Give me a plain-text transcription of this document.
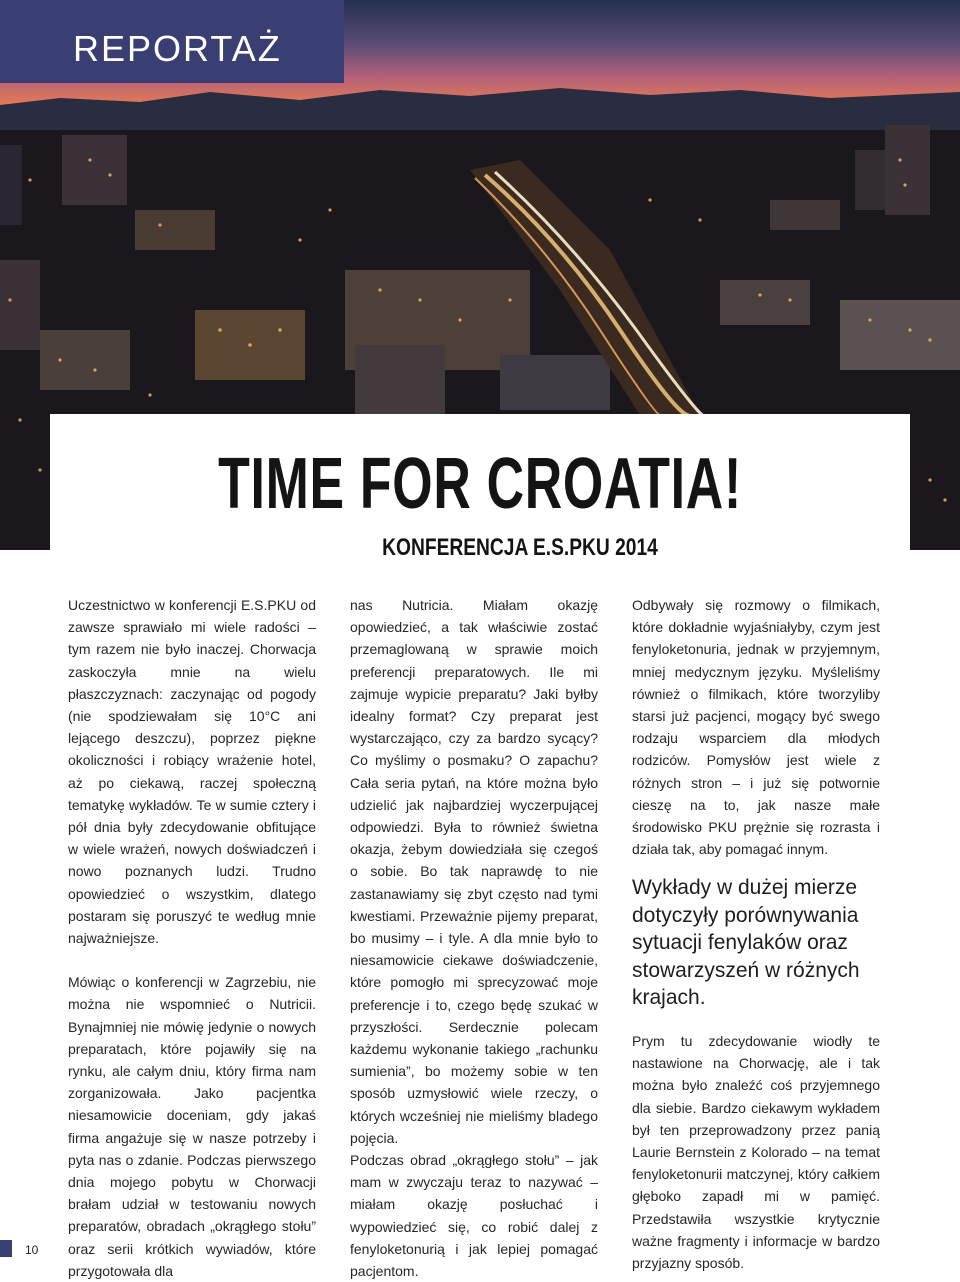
REPORTAŻ
TIME FOR CROATIA!
KONFERENCJA E.S.PKU 2014

Uczestnictwo w konferencji E.S.PKU od zawsze sprawiało mi wiele radości – tym razem nie było inaczej. Chorwacja zaskoczyła mnie na wielu płaszczyznach: zaczynając od pogody (nie spodziewałam się 10°C ani lejącego deszczu), poprzez piękne okoliczności i robiący wrażenie hotel, aż po ciekawą, raczej społeczną tematykę wykładów. Te w sumie cztery i pół dnia były zdecydowanie obfitujące w wiele wrażeń, nowych doświadczeń i nowo poznanych ludzi. Trudno opowiedzieć o wszystkim, dlatego postaram się poruszyć te według mnie najważniejsze.

Mówiąc o konferencji w Zagrzebiu, nie można nie wspomnieć o Nutricii. Bynajmniej nie mówię jedynie o nowych preparatach, które pojawiły się na rynku, ale całym dniu, który firma nam zorganizowała. Jako pacjentka niesamowicie doceniam, gdy jakaś firma angażuje się w nasze potrzeby i pyta nas o zdanie. Podczas pierwszego dnia mojego pobytu w Chorwacji brałam udział w testowaniu nowych preparatów, obradach „okrągłego stołu” oraz serii krótkich wywiadów, które przygotowała dla

nas Nutricia. Miałam okazję opowiedzieć, a tak właściwie zostać przemaglowaną w sprawie moich preferencji preparatowych. Ile mi zajmuje wypicie preparatu? Jaki byłby idealny format? Czy preparat jest wystarczająco, czy za bardzo sycący? Co myślimy o posmaku? O zapachu? Cała seria pytań, na które można było udzielić jak najbardziej wyczerpującej odpowiedzi. Była to również świetna okazja, żebym dowiedziała się czegoś o sobie. Bo tak naprawdę to nie zastanawiamy się zbyt często nad tymi kwestiami. Przeważnie pijemy preparat, bo musimy – i tyle. A dla mnie było to niesamowicie ciekawe doświadczenie, które pomogło mi sprecyzować moje preferencje i to, czego będę szukać w przyszłości. Serdecznie polecam każdemu wykonanie takiego „rachunku sumienia”, bo możemy sobie w ten sposób uzmysłowić wiele rzeczy, o których wcześniej nie mieliśmy bladego pojęcia.

Podczas obrad „okrągłego stołu” – jak mam w zwyczaju teraz to nazywać – miałam okazję posłuchać i wypowiedzieć się, co robić dalej z fenyloketonurią i jak lepiej pomagać pacjentom.

Odbywały się rozmowy o filmikach, które dokładnie wyjaśniałyby, czym jest fenyloketonuria, jednak w przyjemnym, mniej medycznym języku. Myśleliśmy również o filmikach, które tworzyliby starsi już pacjenci, mogący być swego rodzaju wsparciem dla młodych rodziców. Pomysłów jest wiele z różnych stron – i już się potwornie cieszę na to, jak nasze małe środowisko PKU prężnie się rozrasta i działa tak, aby pomagać innym.

Wykłady w dużej mierze dotyczyły porównywania sytuacji fenylaków oraz stowarzyszeń w różnych krajach.

Prym tu zdecydowanie wiodły te nastawione na Chorwację, ale i tak można było znaleźć coś przyjemnego dla siebie. Bardzo ciekawym wykładem był ten przeprowadzony przez panią Laurie Bernstein z Kolorado – na temat fenyloketonurii matczynej, który całkiem głęboko zapadł mi w pamięć. Przedstawiła wszystkie krytycznie ważne fragmenty i informacje w bardzo przyjazny sposób.

10
